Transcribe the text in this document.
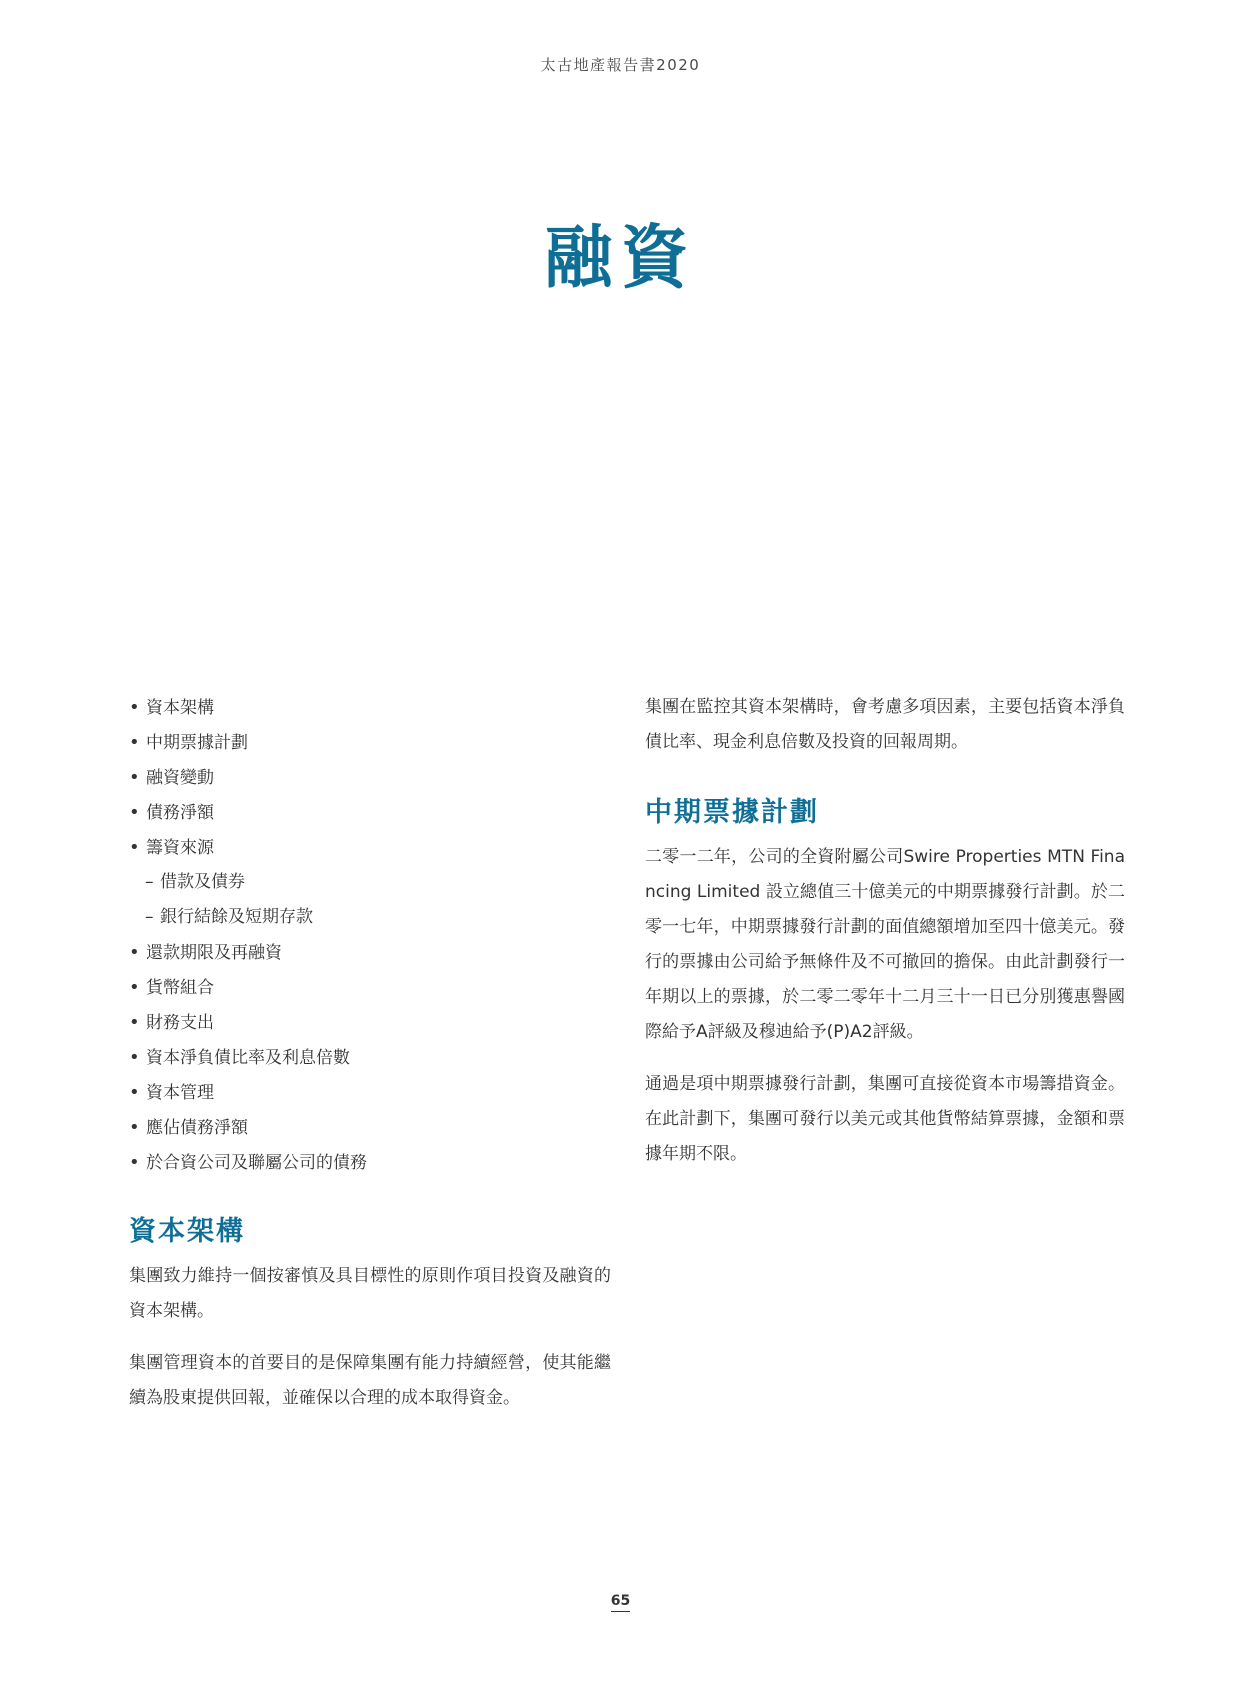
太古地產報告書2020
融資
• 資本架構
• 中期票據計劃
• 融資變動
• 債務淨額
• 籌資來源
– 借款及債券
– 銀行結餘及短期存款
• 還款期限及再融資
• 貨幣組合
• 財務支出
• 資本淨負債比率及利息倍數
• 資本管理
• 應佔債務淨額
• 於合資公司及聯屬公司的債務
資本架構

集團致力維持一個按審慎及具目標性的原則作項目投資及融資的資本架構。

集團管理資本的首要目的是保障集團有能力持續經營，使其能繼續為股東提供回報，並確保以合理的成本取得資金。

集團在監控其資本架構時，會考慮多項因素，主要包括資本淨負債比率、現金利息倍數及投資的回報周期。

中期票據計劃

二零一二年，公司的全資附屬公司Swire Properties MTN Financing Limited 設立總值三十億美元的中期票據發行計劃。於二零一七年，中期票據發行計劃的面值總額增加至四十億美元。發行的票據由公司給予無條件及不可撤回的擔保。由此計劃發行一年期以上的票據，於二零二零年十二月三十一日已分別獲惠譽國際給予A評級及穆迪給予(P)A2評級。

通過是項中期票據發行計劃，集團可直接從資本市場籌措資金。在此計劃下，集團可發行以美元或其他貨幣結算票據，金額和票據年期不限。

65
